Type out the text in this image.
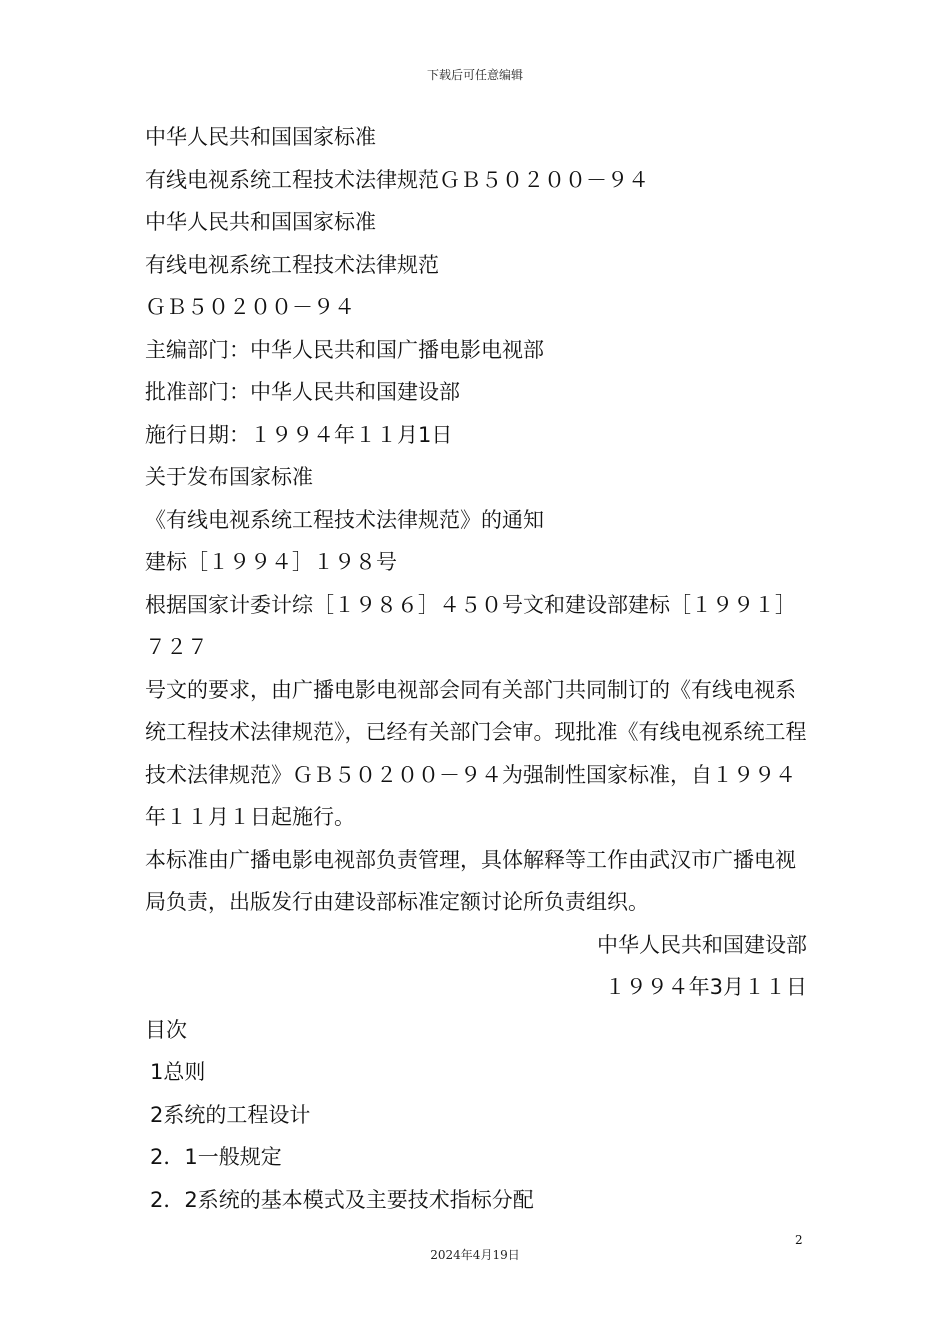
下载后可任意编辑
中华人民共和国国家标准
有线电视系统工程技术法律规范ＧＢ５０２００－９４
中华人民共和国国家标准
有线电视系统工程技术法律规范
ＧＢ５０２００－９４
主编部门：中华人民共和国广播电影电视部
批准部门：中华人民共和国建设部
施行日期：１９９４年１１月1日
关于发布国家标准
《有线电视系统工程技术法律规范》的通知
建标［１９９４］１９８号
根据国家计委计综［１９８６］４５０号文和建设部建标［１９９１］７２７
号文的要求，由广播电影电视部会同有关部门共同制订的《有线电视系统工程技术法律规范》，已经有关部门会审。现批准《有线电视系统工程技术法律规范》ＧＢ５０２００－９４为强制性国家标准，自１９９４年１１月１日起施行。
本标准由广播电影电视部负责管理，具体解释等工作由武汉市广播电视局负责，出版发行由建设部标准定额讨论所负责组织。
中华人民共和国建设部
１９９４年3月１１日
目次
1总则
2系统的工程设计
2．1一般规定
2．2系统的基本模式及主要技术指标分配
2
2024年4月19日
